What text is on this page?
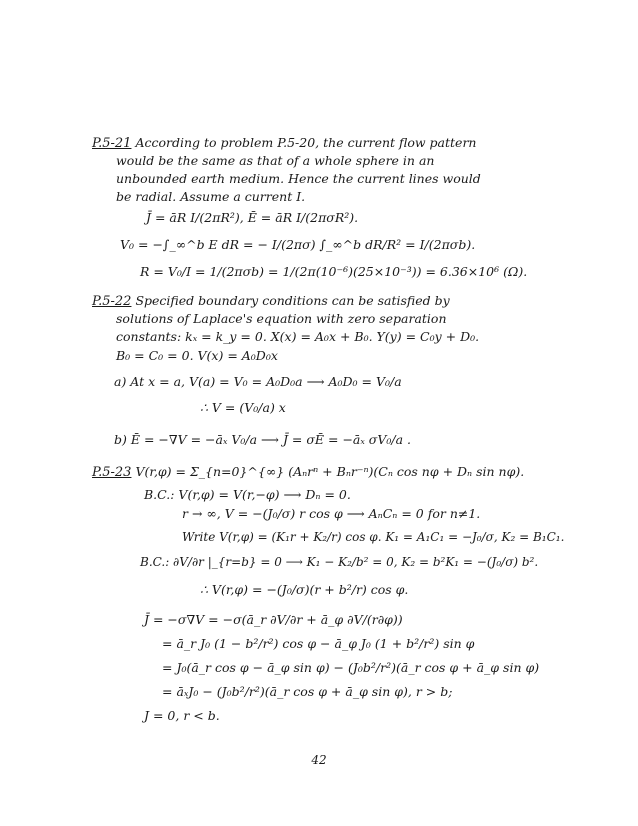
P.5-21 According to problem P.5-20, the current flow pattern
would be the same as that of a whole sphere in an
unbounded earth medium. Hence the current lines would
be radial. Assume a current I.
J̄ = āR I/(2πR²), Ē = āR I/(2πσR²).
V₀ = −∫_∞^b E dR = − I/(2πσ) ∫_∞^b dR/R² = I/(2πσb).
R = V₀/I = 1/(2πσb) = 1/(2π(10⁻⁶)(25×10⁻³)) = 6.36×10⁶ (Ω).
P.5-22 Specified boundary conditions can be satisfied by
solutions of Laplace's equation with zero separation
constants: kₓ = k_y = 0. X(x) = A₀x + B₀. Y(y) = C₀y + D₀.
B₀ = C₀ = 0. V(x) = A₀D₀x
a) At x = a, V(a) = V₀ = A₀D₀a ⟶ A₀D₀ = V₀/a
∴ V = (V₀/a) x
b) Ē = −∇V = −āₓ V₀/a ⟶ J̄ = σĒ = −āₓ σV₀/a .
P.5-23 V(r,φ) = Σ_{n=0}^{∞} (Aₙrⁿ + Bₙr⁻ⁿ)(Cₙ cos nφ + Dₙ sin nφ).
B.C.: V(r,φ) = V(r,−φ) ⟶ Dₙ = 0.
r → ∞, V = −(J₀/σ) r cos φ ⟶ AₙCₙ = 0 for n≠1.
Write V(r,φ) = (K₁r + K₂/r) cos φ. K₁ = A₁C₁ = −J₀/σ, K₂ = B₁C₁.
B.C.: ∂V/∂r |_{r=b} = 0 ⟶ K₁ − K₂/b² = 0, K₂ = b²K₁ = −(J₀/σ) b².
∴ V(r,φ) = −(J₀/σ)(r + b²/r) cos φ.
J̄ = −σ∇V = −σ(ā_r ∂V/∂r + ā_φ ∂V/(r∂φ))
= ā_r J₀ (1 − b²/r²) cos φ − ā_φ J₀ (1 + b²/r²) sin φ
= J₀(ā_r cos φ − ā_φ sin φ) − (J₀b²/r²)(ā_r cos φ + ā_φ sin φ)
= āₓJ₀ − (J₀b²/r²)(ā_r cos φ + ā_φ sin φ), r > b;
J = 0, r < b.
42
